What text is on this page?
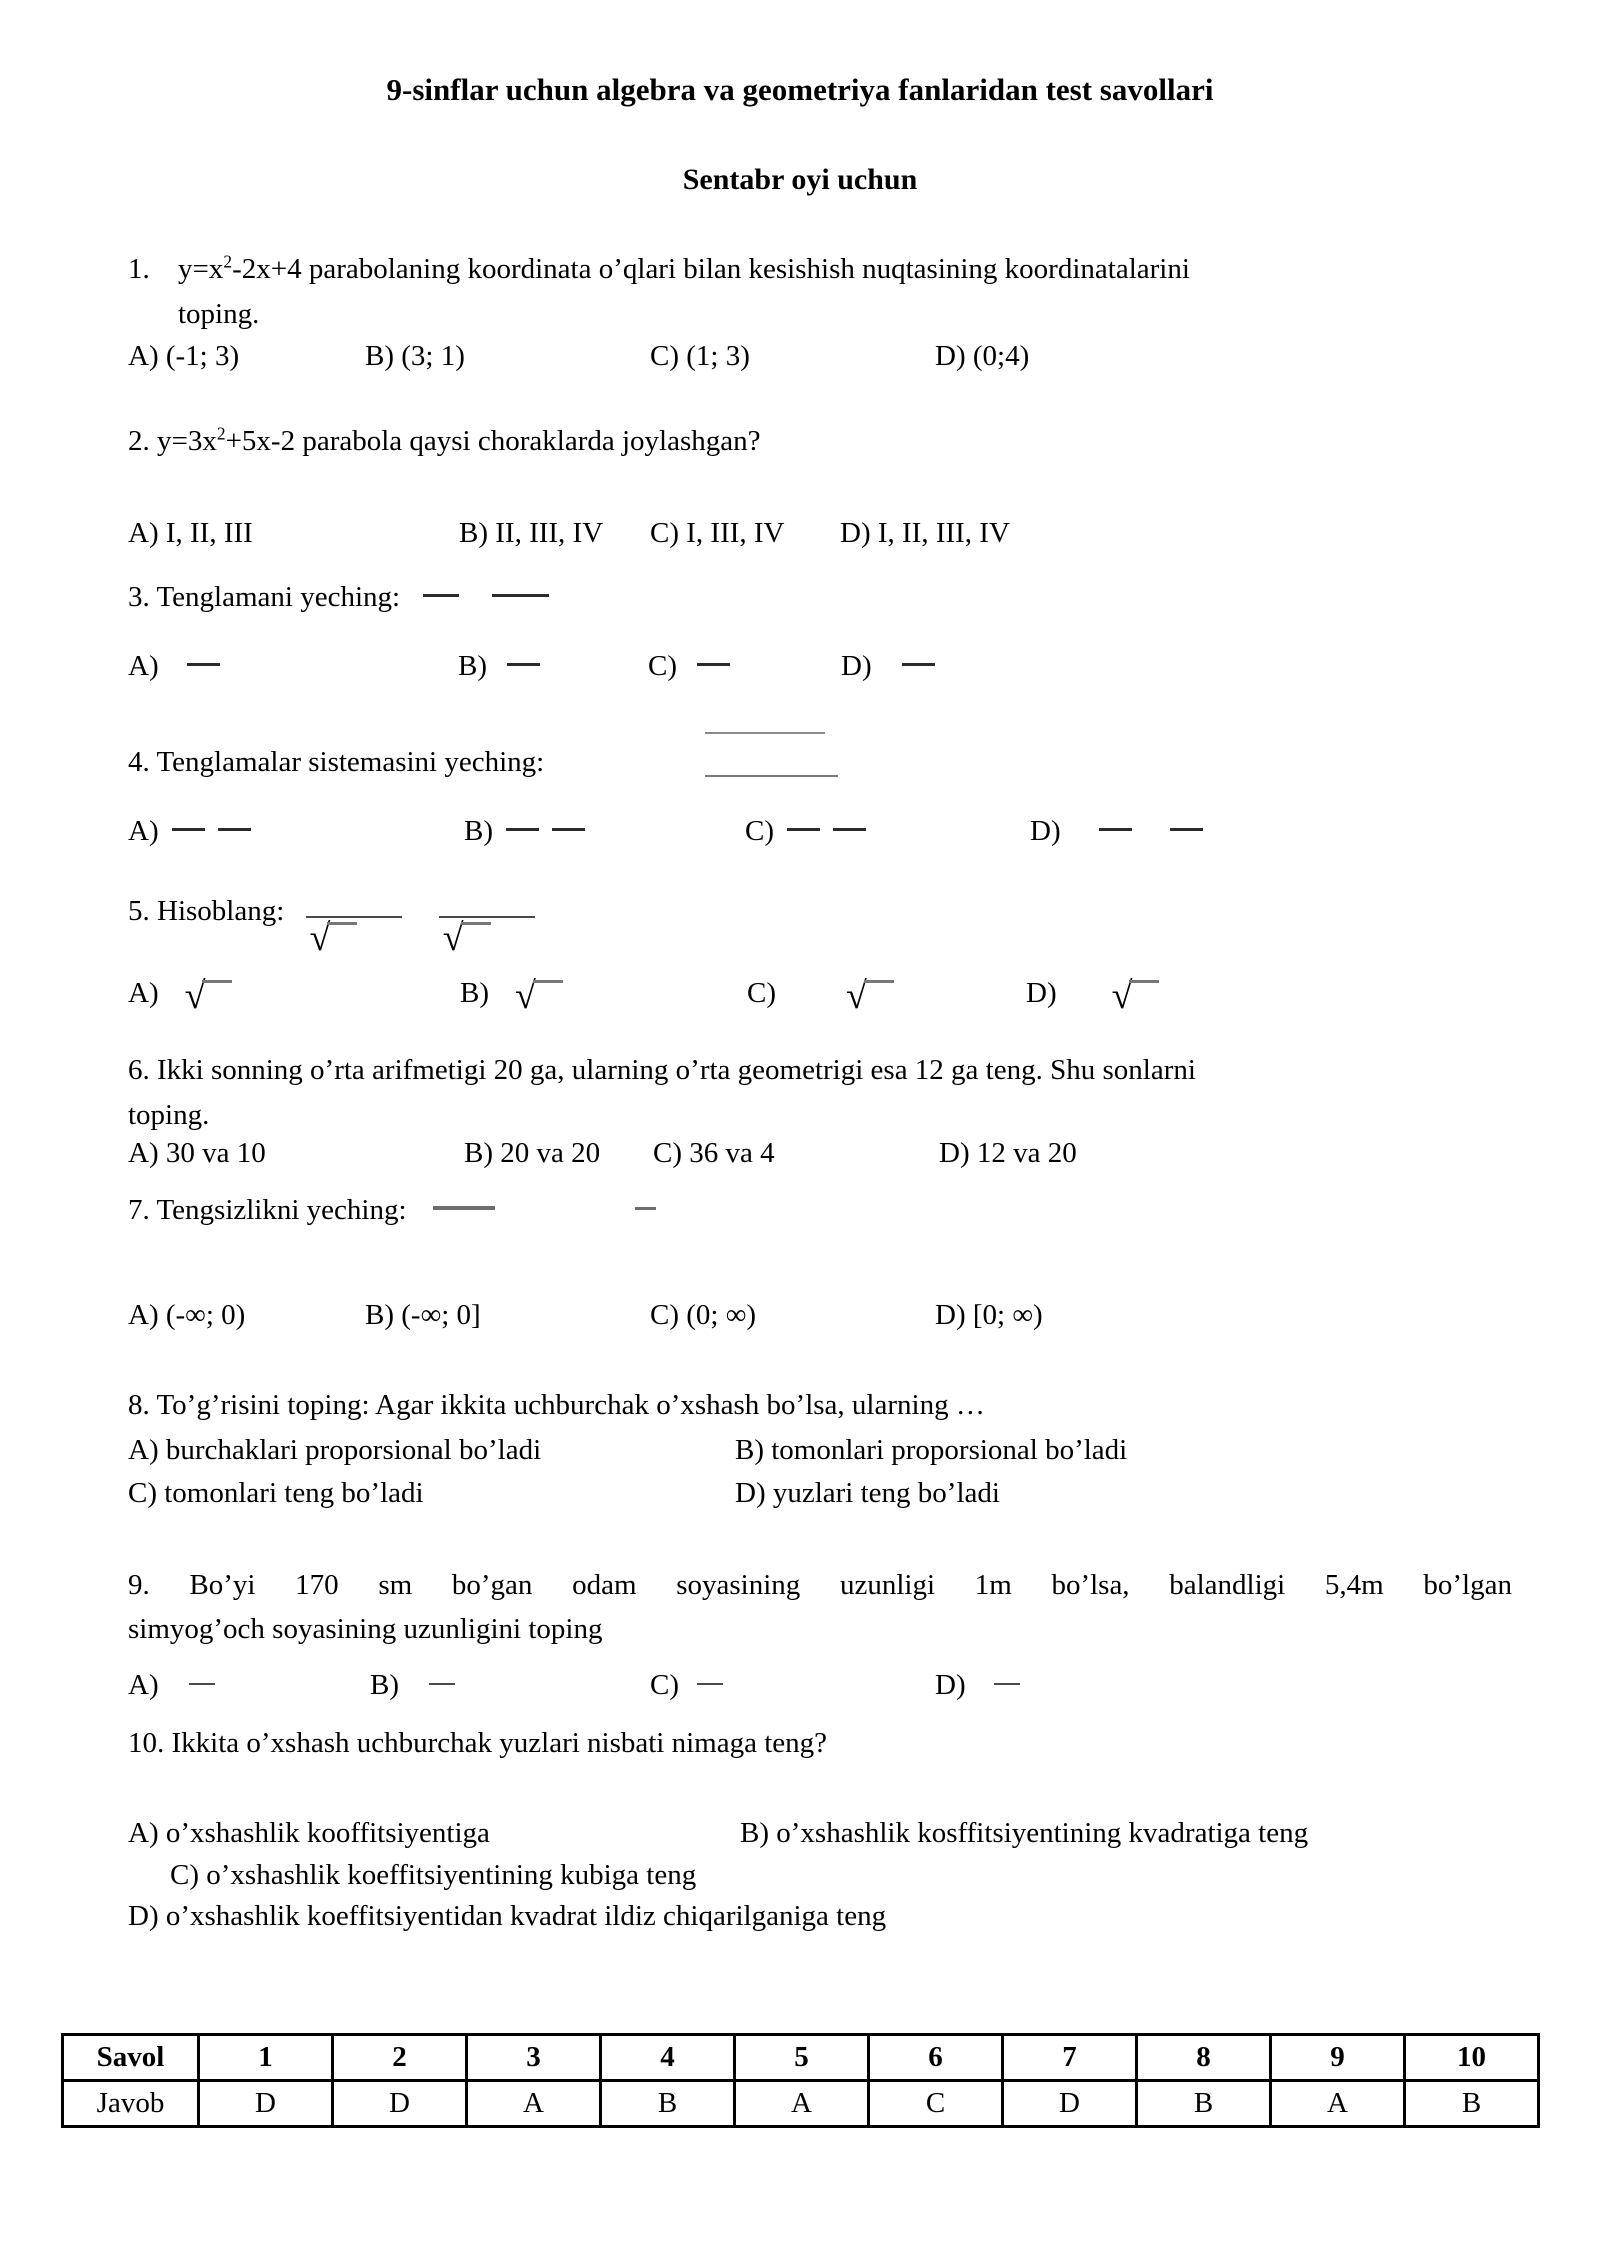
9-sinflar uchun algebra va geometriya fanlaridan test savollari
Sentabr oyi uchun
1. $y=x^2-2x+4$ parabolaning koordinata o’qlari bilan kesishish nuqtasining koordinatalarini
toping.
A) (-1; 3)	B) (3; 1)	C) (1; 3)	D) (0;4)
2. $y=3x^2+5x-2$ parabola qaysi choraklarda joylashgan?
A) I, II, III	B) II, III, IV C) I, III, IV D) I, II, III, IV
3. Tenglamani yeching:
A)	B)	C)	D)
4. Tenglamalar sistemasini yeching:
A)	B)	C)	D)
5. Hisoblang:
√
	√
A) √	B) √	C) √	D) √
6. Ikki sonning o’rta arifmetigi 20 ga, ularning o’rta geometrigi esa 12 ga teng. Shu sonlarni
toping.
A) 30 va 10	B) 20 va 20 C) 36 va 4	D) 12 va 20
7. Tengsizlikni yeching:
A) (-∞; 0)	B) (-∞; 0]	C) (0; ∞)	D) [0; ∞)
8. To’g’risini toping: Agar ikkita uchburchak o’xshash bo’lsa, ularning …
A) burchaklari proporsional bo’ladi	B) tomonlari proporsional bo’ladi
C) tomonlari teng bo’ladi	D) yuzlari teng bo’ladi
9. Bo’yi 170 sm bo’gan odam soyasining uzunligi 1m bo’lsa, balandligi 5,4m bo’lgan
simyog’och soyasining uzunligini toping
A)	B)	C)	D)
10. Ikkita o’xshash uchburchak yuzlari nisbati nimaga teng?
A) o’xshashlik kooffitsiyentiga	B) o’xshashlik kosffitsiyentining kvadratiga teng
C) o’xshashlik koeffitsiyentining kubiga teng
D) o’xshashlik koeffitsiyentidan kvadrat ildiz chiqarilganiga teng
Savol	1	2	3	4	5	6	7	8	9	10
Javob	D	D	A	B	A	C	D	B	A	B
